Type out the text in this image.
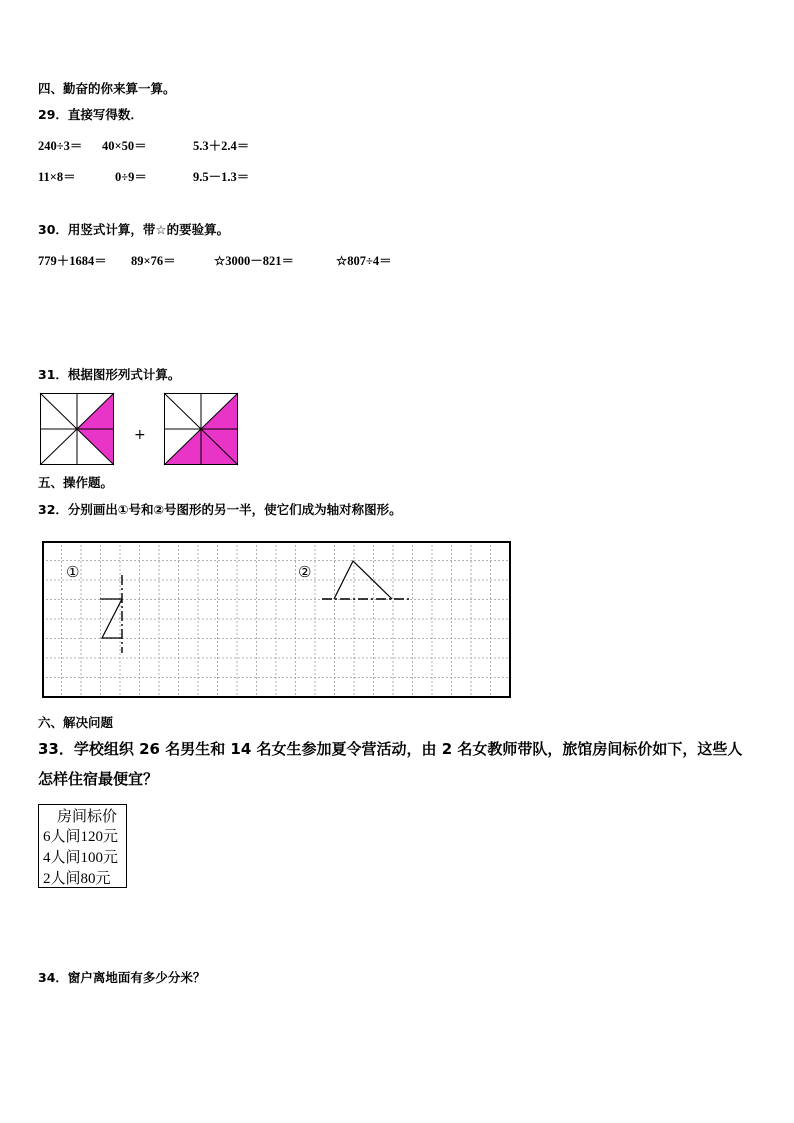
四、勤奋的你来算一算。
29．直接写得数．
240÷3＝ 40×50＝	5.3＋2.4＝
11×8＝	0÷9＝	9.5－1.3＝
30．用竖式计算，带☆的要验算。
779＋1684＝ 89×76＝	☆3000－821＝	☆807÷4＝
31．根据图形列式计算。
+
五、操作题。
32．分别画出①号和②号图形的另一半，使它们成为轴对称图形。
①	②
六、解决问题
33．学校组织 26 名男生和 14 名女生参加夏令营活动，由 2 名女教师带队，旅馆房间标价如下，这些人
怎样住宿最便宜？
房间标价
6人间120元
4人间100元
2人间80元
34．窗户离地面有多少分米？
